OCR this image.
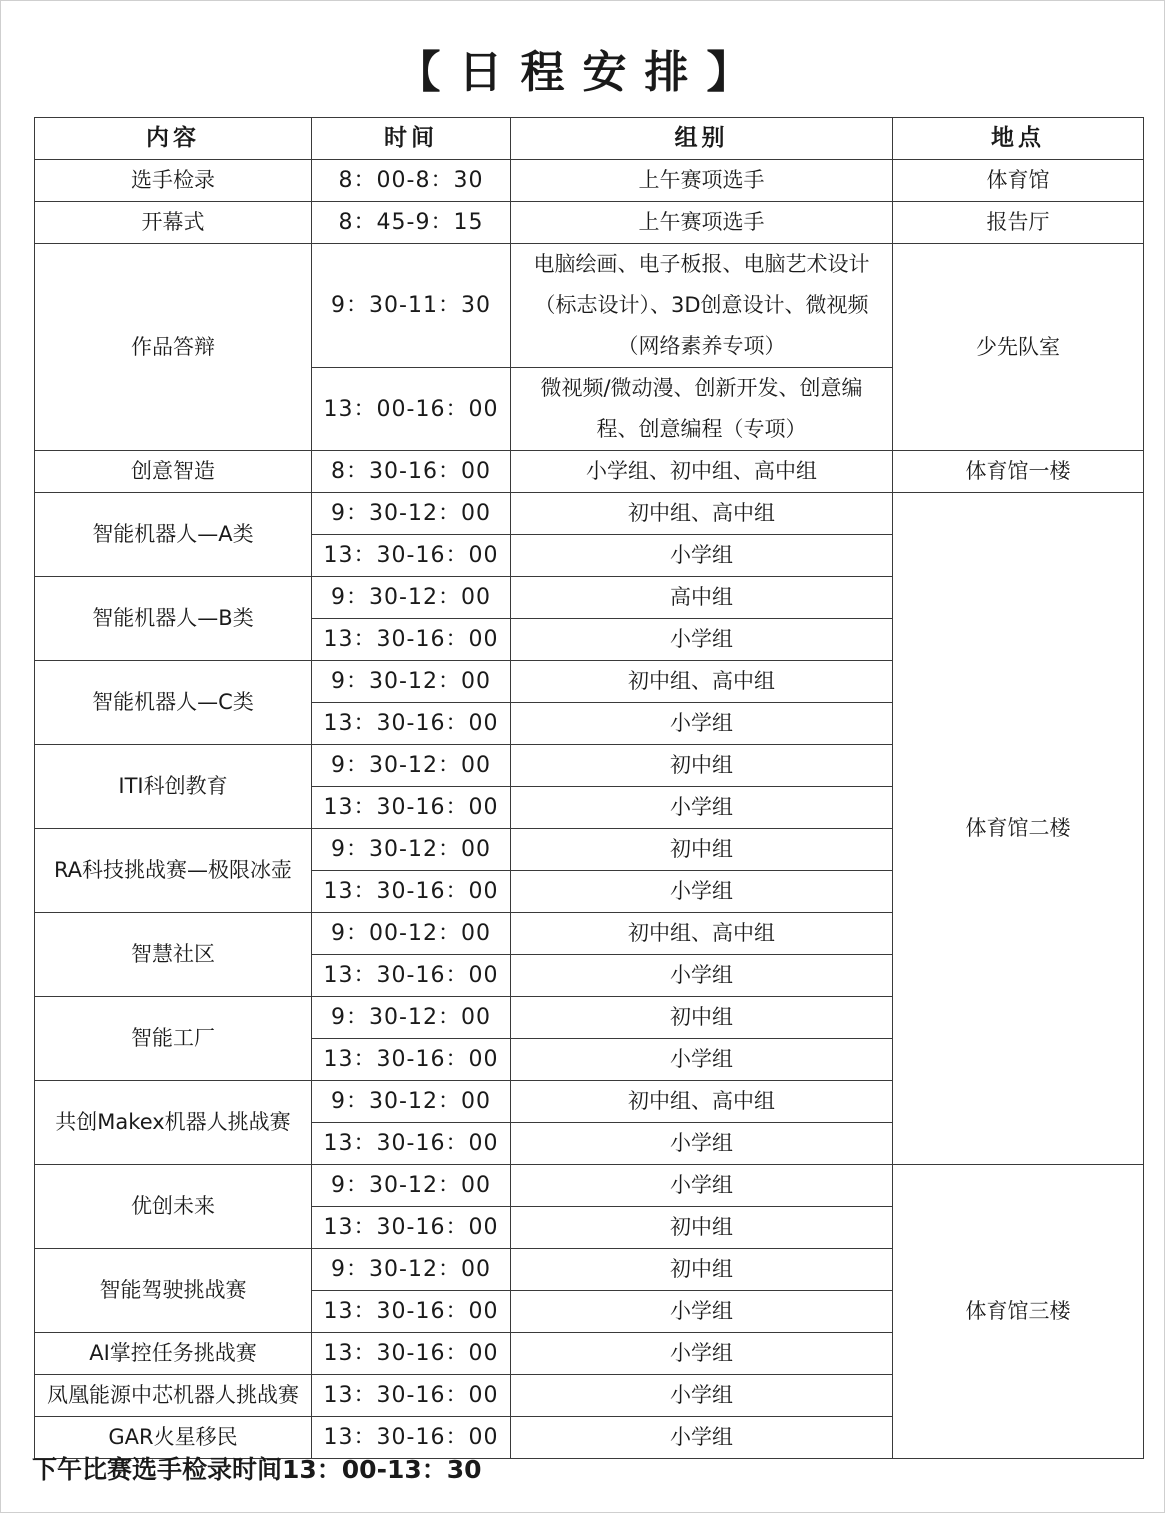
【日程安排】
内容	时间	组别	地点
选手检录	8：00-8：30	上午赛项选手	体育馆
开幕式	8：45-9：15	上午赛项选手	报告厅
作品答辩	9：30-11：30	电脑绘画、电子板报、电脑艺术设计
（标志设计）、3D创意设计、微视频
（网络素养专项）	少先队室
	13：00-16：00	微视频/微动漫、创新开发、创意编
程、创意编程（专项）	

创意智造	8：30-16：00	小学组、初中组、高中组	体育馆一楼
智能机器人—A类	9：30-12：00	初中组、高中组	体育馆二楼
	13：30-16：00	小学组	
智能机器人—B类	9：30-12：00	高中组	
	13：30-16：00	小学组	
智能机器人—C类	9：30-12：00	初中组、高中组	
	13：30-16：00	小学组	
ITI科创教育	9：30-12：00	初中组	
	13：30-16：00	小学组	
RA科技挑战赛—极限冰壶	9：30-12：00	初中组	
	13：30-16：00	小学组	
智慧社区	9：00-12：00	初中组、高中组	
	13：30-16：00	小学组	
智能工厂	9：30-12：00	初中组	
	13：30-16：00	小学组	
共创Makex机器人挑战赛	9：30-12：00	初中组、高中组	
	13：30-16：00	小学组	
优创未来	9：30-12：00	小学组	体育馆三楼
	13：30-16：00	初中组	
智能驾驶挑战赛	9：30-12：00	初中组	
	13：30-16：00	小学组	
AI掌控任务挑战赛	13：30-16：00	小学组	
凤凰能源中芯机器人挑战赛	13：30-16：00	小学组	
GAR火星移民	13：30-16：00	小学组	
下午比赛选手检录时间13：00-13：30
